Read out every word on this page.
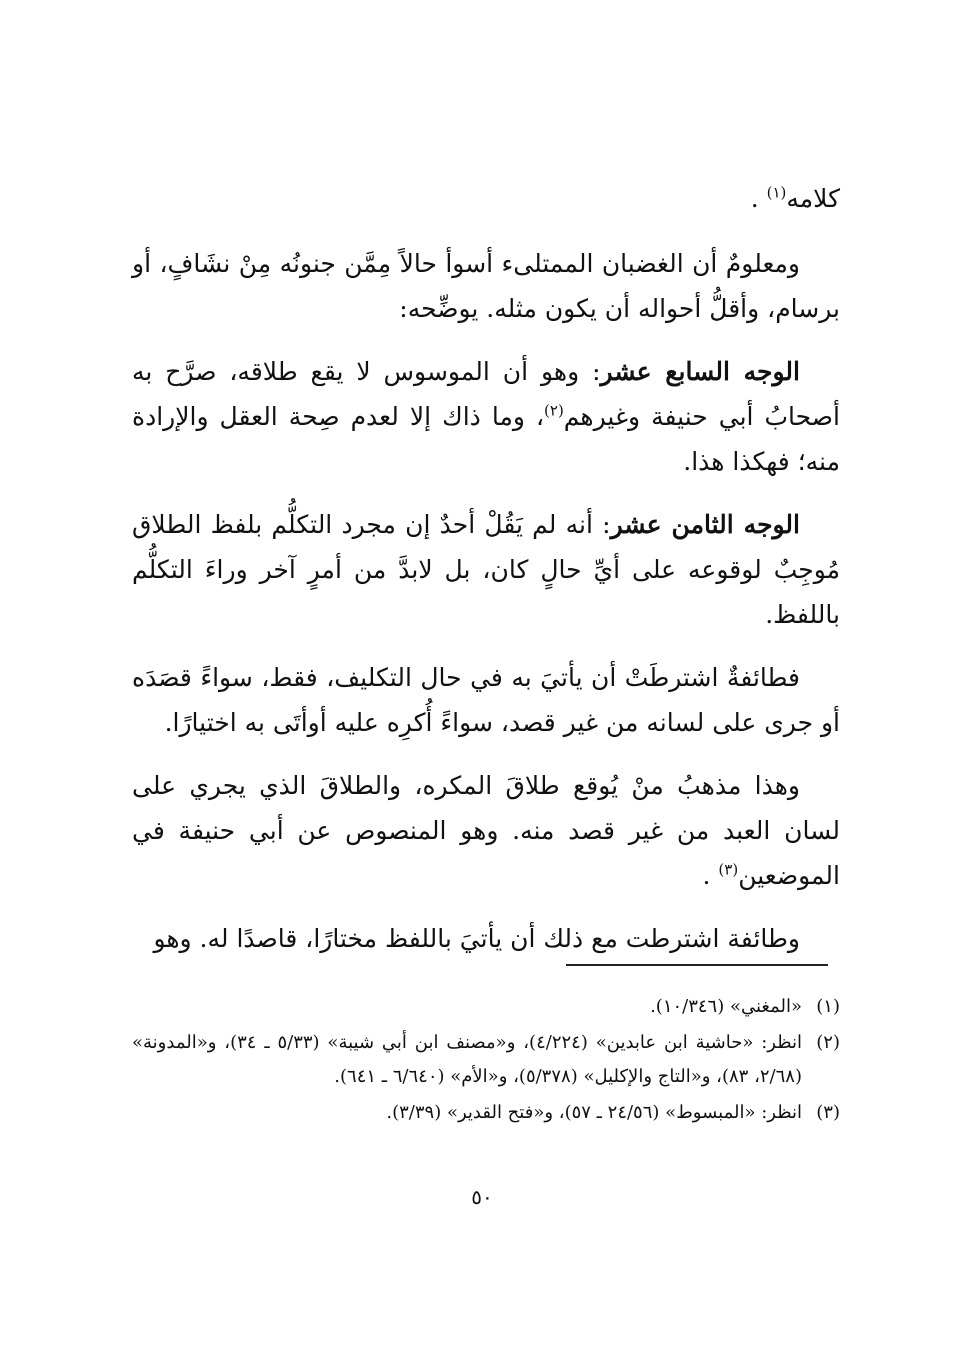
كلامه$^{(١)}$ .

ومعلومٌ أن الغضبان الممتلىء أسوأ حالاً مِمَّن جنونُه مِنْ نشَافٍ، أو برسام، وأقلُّ أحواله أن يكون مثله. يوضِّحه:

الوجه السابع عشر: وهو أن الموسوس لا يقع طلاقه، صرَّح به أصحابُ أبي حنيفة وغيرهم$^{(٢)}$، وما ذاك إلا لعدم صِحة العقل والإرادة منه؛ فهكذا هذا.

الوجه الثامن عشر: أنه لم يَقُلْ أحدٌ إن مجرد التكلُّم بلفظ الطلاق مُوجِبٌ لوقوعه على أيِّ حالٍ كان، بل لابدَّ من أمرٍ آخر وراءَ التكلُّم باللفظ.

فطائفةٌ اشترطَتْ أن يأتيَ به في حال التكليف، فقط، سواءً قصَدَه أو جرى على لسانه من غير قصد، سواءً أُكرِه عليه أوأتَى به اختيارًا.

وهذا مذهبُ منْ يُوقع طلاقَ المكره، والطلاقَ الذي يجري على لسان العبد من غير قصد منه. وهو المنصوص عن أبي حنيفة في الموضعين$^{(٣)}$ .

وطائفة اشترطت مع ذلك أن يأتيَ باللفظ مختارًا، قاصدًا له. وهو

(١)
«المغني» (١٠/٣٤٦).
(٢)
انظر: «حاشية ابن عابدين» (٤/٢٢٤)، و«مصنف ابن أبي شيبة» (٥/٣٣ ـ ٣٤)، و«المدونة» (٢/٦٨، ٨٣)، و«التاج والإكليل» (٥/٣٧٨)، و«الأم» (٦/٦٤٠ ـ ٦٤١).
(٣)
انظر: «المبسوط» (٢٤/٥٦ ـ ٥٧)، و«فتح القدير» (٣/٣٩).
٥٠
